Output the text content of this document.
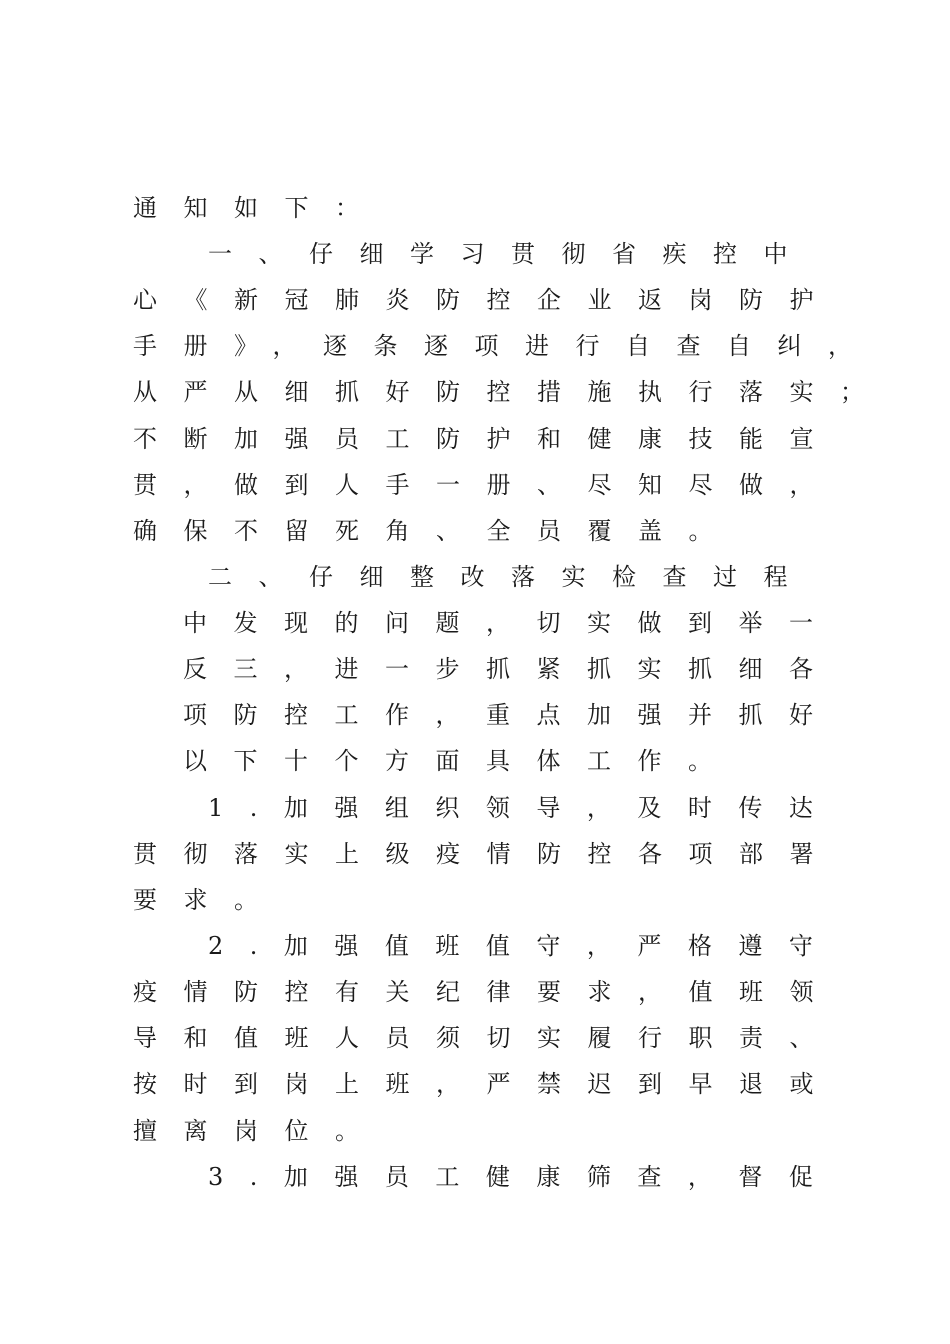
通知如下：
一、仔细学习贯彻省疾控中
心《新冠肺炎防控企业返岗防护
手册》，逐条逐项进行自查自纠，
从严从细抓好防控措施执行落实；
不断加强员工防护和健康技能宣
贯，做到人手一册、尽知尽做，
确保不留死角、全员覆盖。
二、仔细整改落实检查过程
中发现的问题，切实做到举一
反三，进一步抓紧抓实抓细各
项防控工作，重点加强并抓好
以下十个方面具体工作。
1.加强组织领导，及时传达
贯彻落实上级疫情防控各项部署
要求。
2.加强值班值守，严格遵守
疫情防控有关纪律要求，值班领
导和值班人员须切实履行职责、
按时到岗上班，严禁迟到早退或
擅离岗位。
3.加强员工健康筛查，督促
